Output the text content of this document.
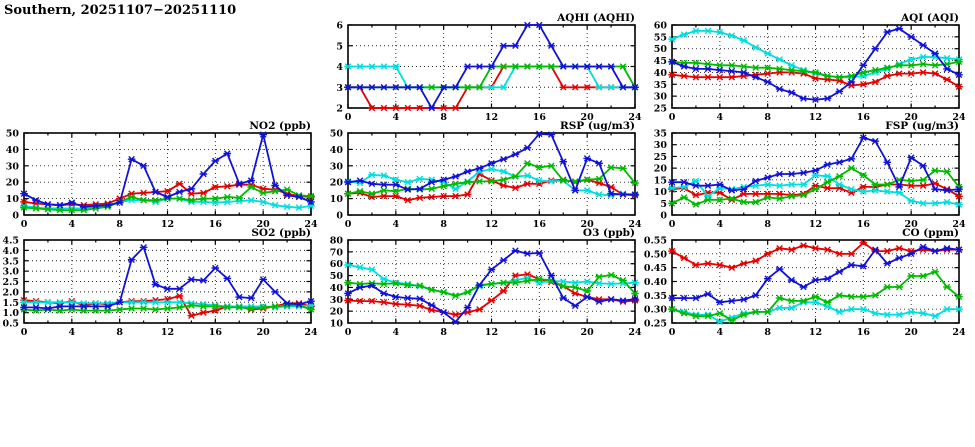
Southern, 20251107−20251110
2
3
4
5
6
0	4	8	12	16	20	24
AQHI (AQHI)
25
30
35
40
45
50
55
60
0	4	8	12	16	20	24
AQI (AQI)
0
10
20
30
40
50
0	4	8	12	16	20	24
NO2 (ppb)
0
10
20
30
40
50
0	4	8	12	16	20	24
RSP (ug/m3)
0
5
10
15
20
25
30
35
0	4	8	12	16	20	24
FSP (ug/m3)
0.5
1.0
1.5
2.0
2.5
3.0
3.5
4.0
4.5
0	4	8	12	16	20	24
SO2 (ppb)
10
20
30
40
50
60
70
80
0	4	8	12	16	20	24
O3 (ppb)
0.25
0.30
0.35
0.40
0.45
0.50
0.55
0	4	8	12	16	20	24
CO (ppm)
